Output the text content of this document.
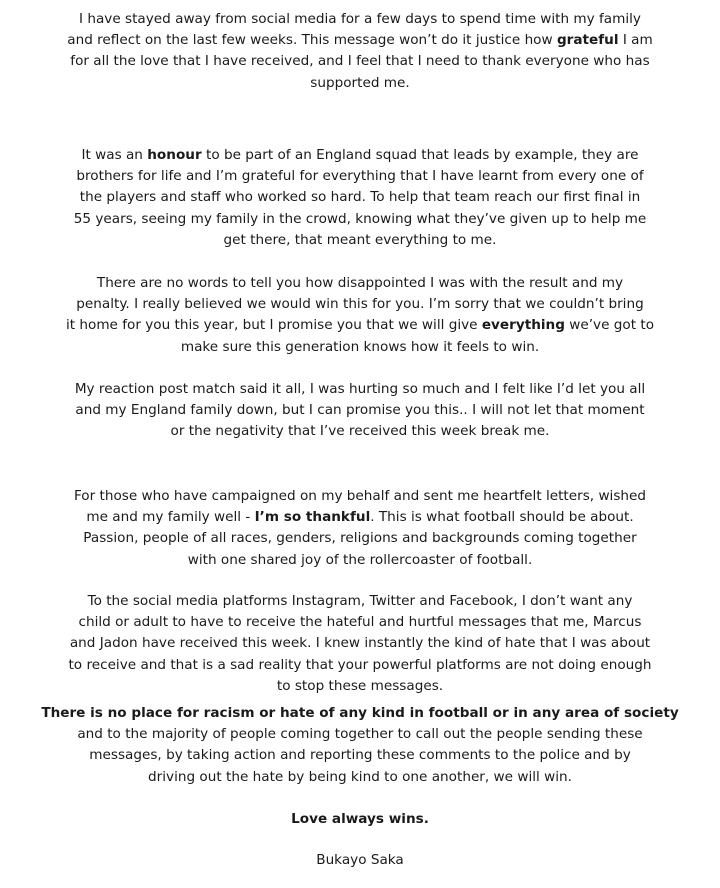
I have stayed away from social media for a few days to spend time with my family
and reflect on the last few weeks. This message won’t do it justice how grateful I am
for all the love that I have received, and I feel that I need to thank everyone who has
supported me.

It was an honour to be part of an England squad that leads by example, they are
brothers for life and I’m grateful for everything that I have learnt from every one of
the players and staff who worked so hard. To help that team reach our first final in
55 years, seeing my family in the crowd, knowing what they’ve given up to help me
get there, that meant everything to me.

There are no words to tell you how disappointed I was with the result and my
penalty. I really believed we would win this for you. I’m sorry that we couldn’t bring
it home for you this year, but I promise you that we will give everything we’ve got to
make sure this generation knows how it feels to win.

My reaction post match said it all, I was hurting so much and I felt like I’d let you all
and my England family down, but I can promise you this.. I will not let that moment
or the negativity that I’ve received this week break me.

For those who have campaigned on my behalf and sent me heartfelt letters, wished
me and my family well - I’m so thankful. This is what football should be about.
Passion, people of all races, genders, religions and backgrounds coming together
with one shared joy of the rollercoaster of football.

To the social media platforms Instagram, Twitter and Facebook, I don’t want any
child or adult to have to receive the hateful and hurtful messages that me, Marcus
and Jadon have received this week. I knew instantly the kind of hate that I was about
to receive and that is a sad reality that your powerful platforms are not doing enough
to stop these messages.

There is no place for racism or hate of any kind in football or in any area of society
and to the majority of people coming together to call out the people sending these
messages, by taking action and reporting these comments to the police and by
driving out the hate by being kind to one another, we will win.

Love always wins.

Bukayo Saka
